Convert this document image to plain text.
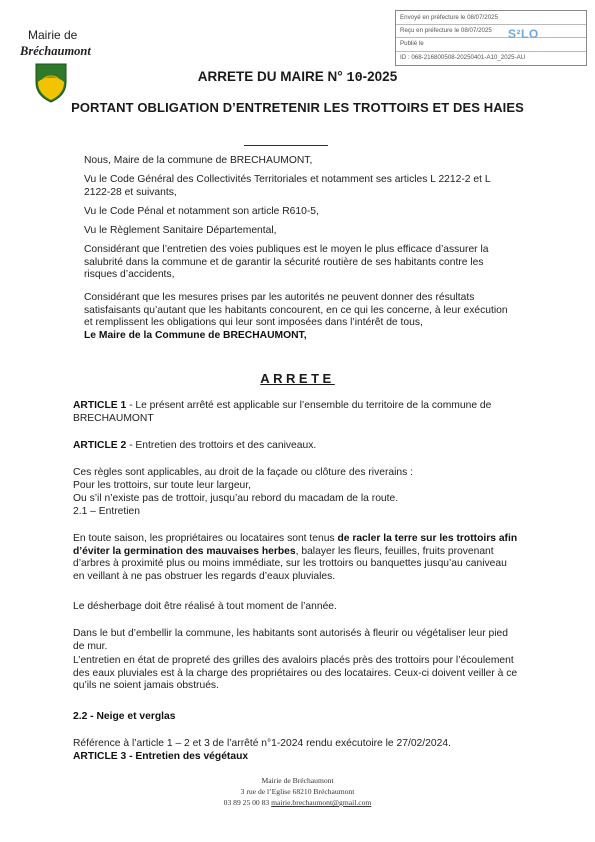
Mairie de
Bréchaumont
Envoyé en préfecture le 08/07/2025
Reçu en préfecture le 08/07/2025
Publié le
ID : 068-216800508-20250401-A10_2025-AU
S²LO
ARRETE DU MAIRE N° 10-2025
PORTANT OBLIGATION D’ENTRETENIR LES TROTTOIRS ET DES HAIES
Nous, Maire de la commune de BRECHAUMONT,
Vu le Code Général des Collectivités Territoriales et notamment ses articles L 2212-2 et L 2122-28 et suivants,
Vu le Code Pénal et notamment son article R610-5,
Vu le Règlement Sanitaire Départemental,
Considérant que l’entretien des voies publiques est le moyen le plus efficace d’assurer la salubrité dans la commune et de garantir la sécurité routière de ses habitants contre les risques d’accidents,
Considérant que les mesures prises par les autorités ne peuvent donner des résultats satisfaisants qu’autant que les habitants concourent, en ce qui les concerne, à leur exécution et remplissent les obligations qui leur sont imposées dans l’intérêt de tous,
Le Maire de la Commune de BRECHAUMONT,
ARRETE
ARTICLE 1 - Le présent arrêté est applicable sur l’ensemble du territoire de la commune de BRECHAUMONT
ARTICLE 2 - Entretien des trottoirs et des caniveaux.
Ces règles sont applicables, au droit de la façade ou clôture des riverains :
Pour les trottoirs, sur toute leur largeur,
Ou s’il n’existe pas de trottoir, jusqu’au rebord du macadam de la route.
2.1 – Entretien
En toute saison, les propriétaires ou locataires sont tenus de racler la terre sur les trottoirs afin d’éviter la germination des mauvaises herbes, balayer les fleurs, feuilles, fruits provenant d’arbres à proximité plus ou moins immédiate, sur les trottoirs ou banquettes jusqu’au caniveau en veillant à ne pas obstruer les regards d’eaux pluviales.
Le désherbage doit être réalisé à tout moment de l’année.
Dans le but d’embellir la commune, les habitants sont autorisés à fleurir ou végétaliser leur pied de mur.
L’entretien en état de propreté des grilles des avaloirs placés près des trottoirs pour l’écoulement des eaux pluviales est à la charge des propriétaires ou des locataires. Ceux-ci doivent veiller à ce qu’ils ne soient jamais obstrués.
2.2 - Neige et verglas
Référence à l’article 1 – 2 et 3 de l’arrêté n°1-2024 rendu exécutoire le 27/02/2024.
ARTICLE 3 - Entretien des végétaux
Mairie de Bréchaumont
3 rue de l’Eglise 68210 Bréchaumont
03 89 25 00 83 mairie.brechaumont@gmail.com
